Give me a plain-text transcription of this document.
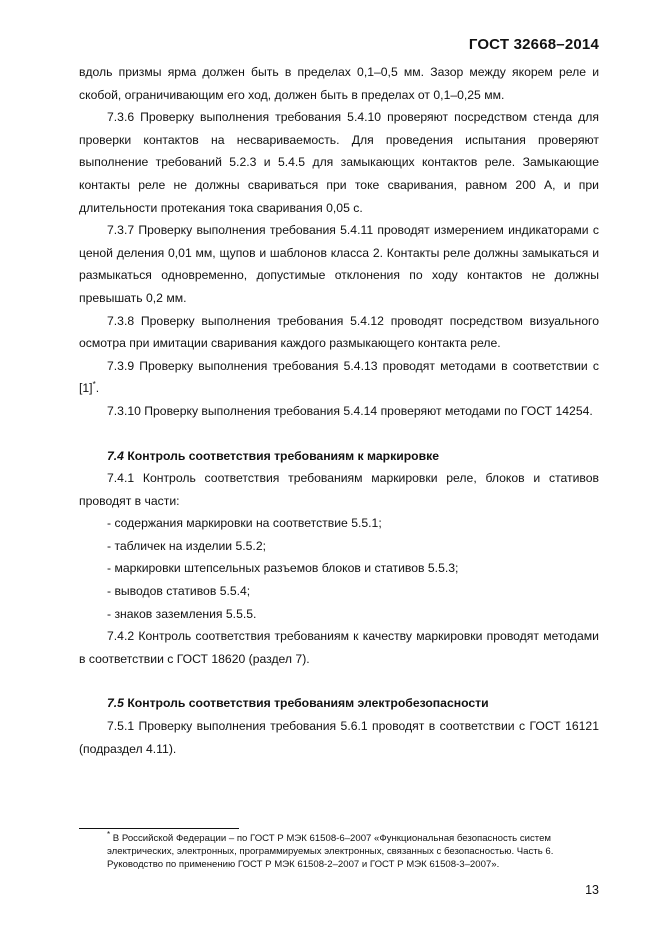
ГОСТ 32668–2014

вдоль призмы ярма должен быть в пределах 0,1–0,5 мм. Зазор между якорем реле и скобой, ограничивающим его ход, должен быть в пределах от 0,1–0,25 мм.

7.3.6 Проверку выполнения требования 5.4.10 проверяют посредством стенда для проверки контактов на несвариваемость. Для проведения испытания проверяют выполнение требований 5.2.3 и 5.4.5 для замыкающих контактов реле. Замыкающие контакты реле не должны свариваться при токе сваривания, равном 200 А, и при длительности протекания тока сваривания 0,05 с.

7.3.7 Проверку выполнения требования 5.4.11 проводят измерением индикаторами с ценой деления 0,01 мм, щупов и шаблонов класса 2. Контакты реле должны замыкаться и размыкаться одновременно, допустимые отклонения по ходу контактов не должны превышать 0,2 мм.

7.3.8 Проверку выполнения требования 5.4.12 проводят посредством визуального осмотра при имитации сваривания каждого размыкающего контакта реле.

7.3.9 Проверку выполнения требования 5.4.13 проводят методами в соответствии с [1]*.

7.3.10 Проверку выполнения требования 5.4.14 проверяют методами по ГОСТ 14254.

7.4 Контроль соответствия требованиям к маркировке

7.4.1 Контроль соответствия требованиям маркировки реле, блоков и стативов проводят в части:

- содержания маркировки на соответствие 5.5.1;

- табличек на изделии 5.5.2;

- маркировки штепсельных разъемов блоков и стативов 5.5.3;

- выводов стативов 5.5.4;

- знаков заземления 5.5.5.

7.4.2 Контроль соответствия требованиям к качеству маркировки проводят методами в соответствии с ГОСТ 18620 (раздел 7).

7.5 Контроль соответствия требованиям электробезопасности

7.5.1 Проверку выполнения требования 5.6.1 проводят в соответствии с ГОСТ 16121 (подраздел 4.11).

* В Российской Федерации – по ГОСТ Р МЭК 61508-6–2007 «Функциональная безопасность систем электрических, электронных, программируемых электронных, связанных с безопасностью. Часть 6. Руководство по применению ГОСТ Р МЭК 61508-2–2007 и ГОСТ Р МЭК 61508-3–2007».
13
